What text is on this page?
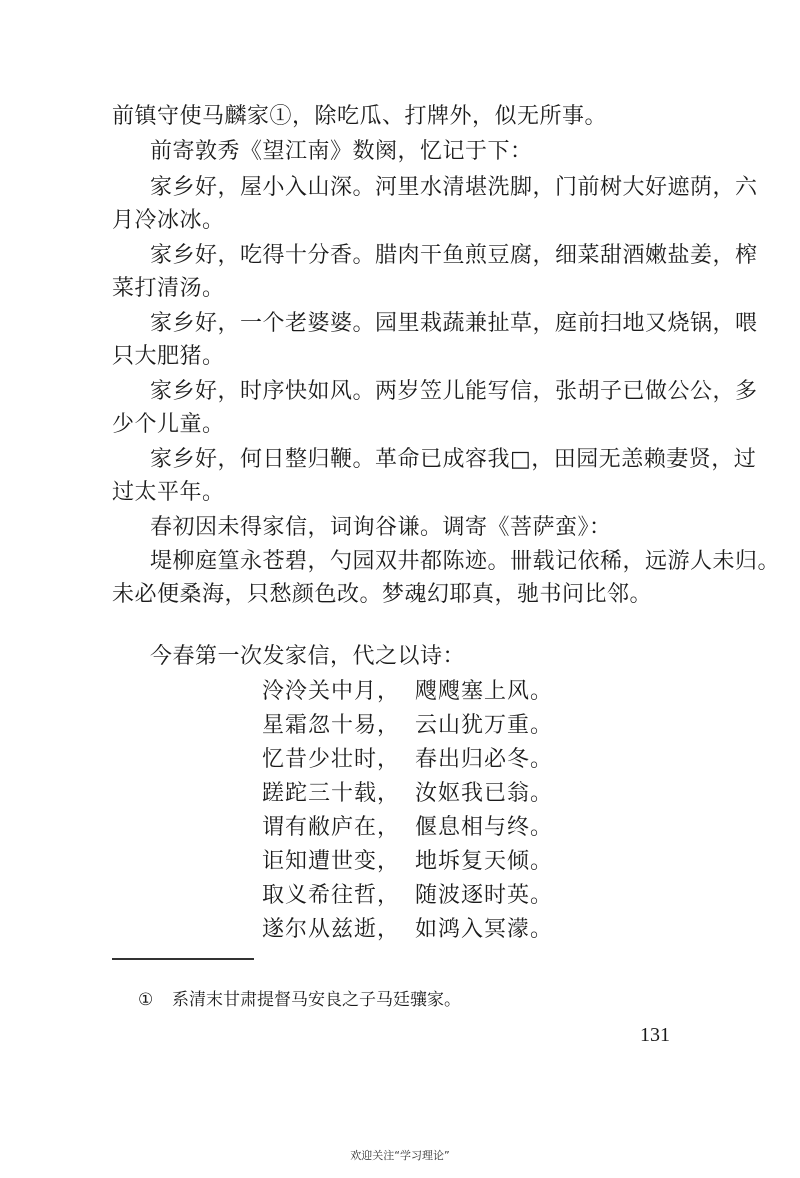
前镇守使马麟家①，除吃瓜、打牌外，似无所事。
前寄敦秀《望江南》数阕，忆记于下：
家乡好，屋小入山深。河里水清堪洗脚，门前树大好遮荫，六
月冷冰冰。
家乡好，吃得十分香。腊肉干鱼煎豆腐，细菜甜酒嫩盐姜，榨
菜打清汤。
家乡好，一个老婆婆。园里栽蔬兼扯草，庭前扫地又烧锅，喂
只大肥猪。
家乡好，时序快如风。两岁笠儿能写信，张胡子已做公公，多
少个儿童。
家乡好，何日整归鞭。革命已成容我□，田园无恙赖妻贤，过
过太平年。
春初因未得家信，词询谷谦。调寄《菩萨蛮》：
堤柳庭篁永苍碧，勺园双井都陈迹。卌载记依稀，远游人未归。
未必便桑海，只愁颜色改。梦魂幻耶真，驰书问比邻。
今春第一次发家信，代之以诗：
泠泠关中月， 飕飕塞上风。
星霜忽十易， 云山犹万重。
忆昔少壮时， 春出归必冬。
蹉跎三十载， 汝妪我已翁。
谓有敝庐在， 偃息相与终。
讵知遭世变， 地坼复天倾。
取义希往哲， 随波逐时英。
遂尔从兹逝， 如鸿入冥濛。
① 系清末甘肃提督马安良之子马廷骧家。
131
欢迎关注“学习理论”
